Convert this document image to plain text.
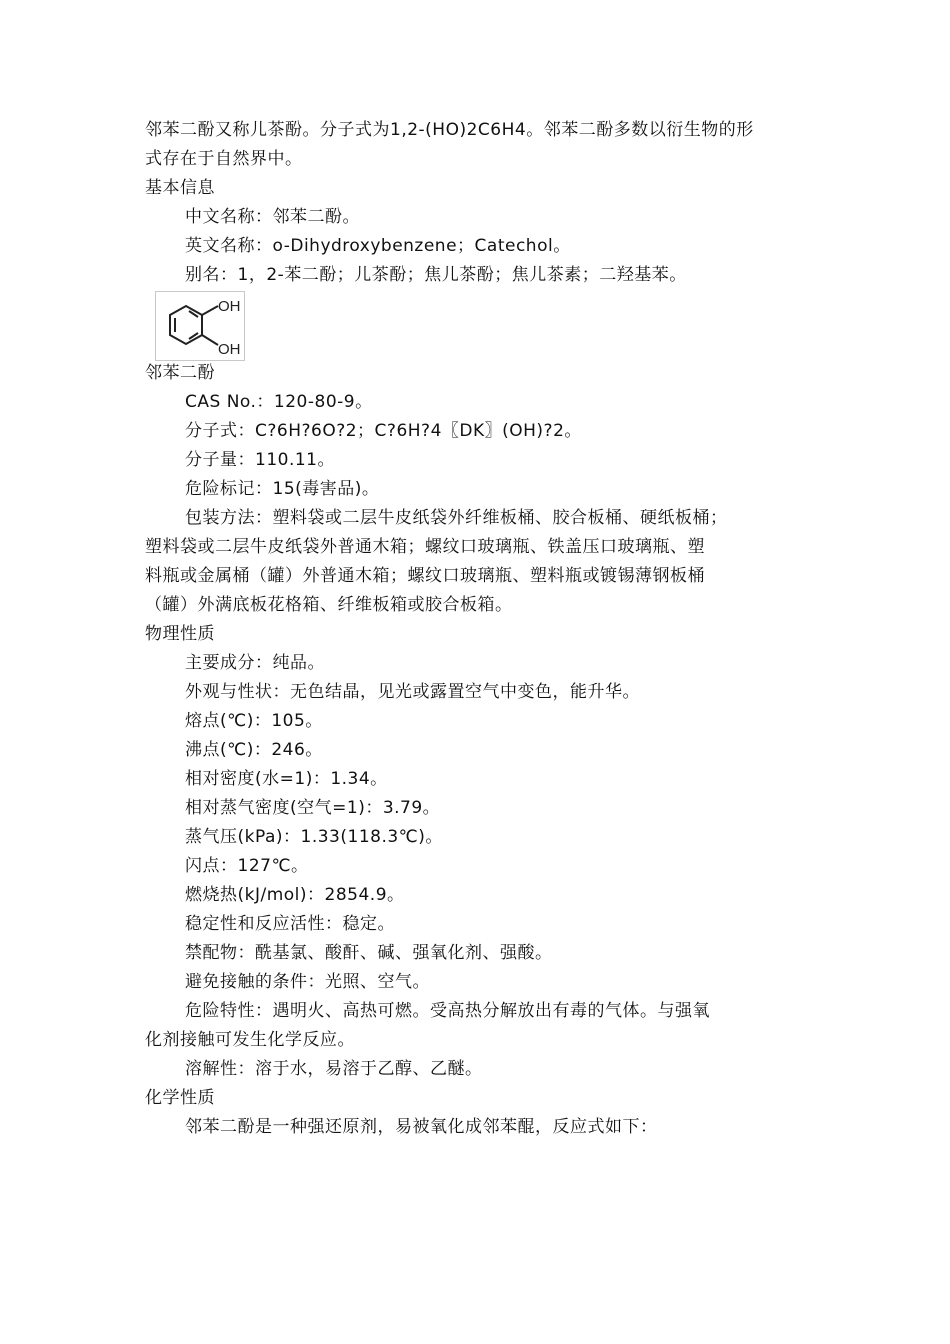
邻苯二酚又称儿茶酚。分子式为1,2-(HO)2C6H4。邻苯二酚多数以衍生物的形
式存在于自然界中。
基本信息
中文名称：邻苯二酚。
英文名称：o-Dihydroxybenzene；Catechol。
别名：1，2-苯二酚；儿茶酚；焦儿茶酚；焦儿茶素；二羟基苯。
OH
OH
邻苯二酚
CAS No.：120-80-9。
分子式：C?6H?6O?2；C?6H?4〖DK〗(OH)?2。
分子量：110.11。
危险标记：15(毒害品)。
包装方法：塑料袋或二层牛皮纸袋外纤维板桶、胶合板桶、硬纸板桶；
塑料袋或二层牛皮纸袋外普通木箱；螺纹口玻璃瓶、铁盖压口玻璃瓶、塑
料瓶或金属桶（罐）外普通木箱；螺纹口玻璃瓶、塑料瓶或镀锡薄钢板桶
（罐）外满底板花格箱、纤维板箱或胶合板箱。
物理性质
主要成分：纯品。
外观与性状：无色结晶，见光或露置空气中变色，能升华。
熔点(℃)：105。
沸点(℃)：246。
相对密度(水=1)：1.34。
相对蒸气密度(空气=1)：3.79。
蒸气压(kPa)：1.33(118.3℃)。
闪点：127℃。
燃烧热(kJ/mol)：2854.9。
稳定性和反应活性：稳定。
禁配物：酰基氯、酸酐、碱、强氧化剂、强酸。
避免接触的条件：光照、空气。
危险特性：遇明火、高热可燃。受高热分解放出有毒的气体。与强氧
化剂接触可发生化学反应。
溶解性：溶于水，易溶于乙醇、乙醚。
化学性质
邻苯二酚是一种强还原剂，易被氧化成邻苯醌，反应式如下：
